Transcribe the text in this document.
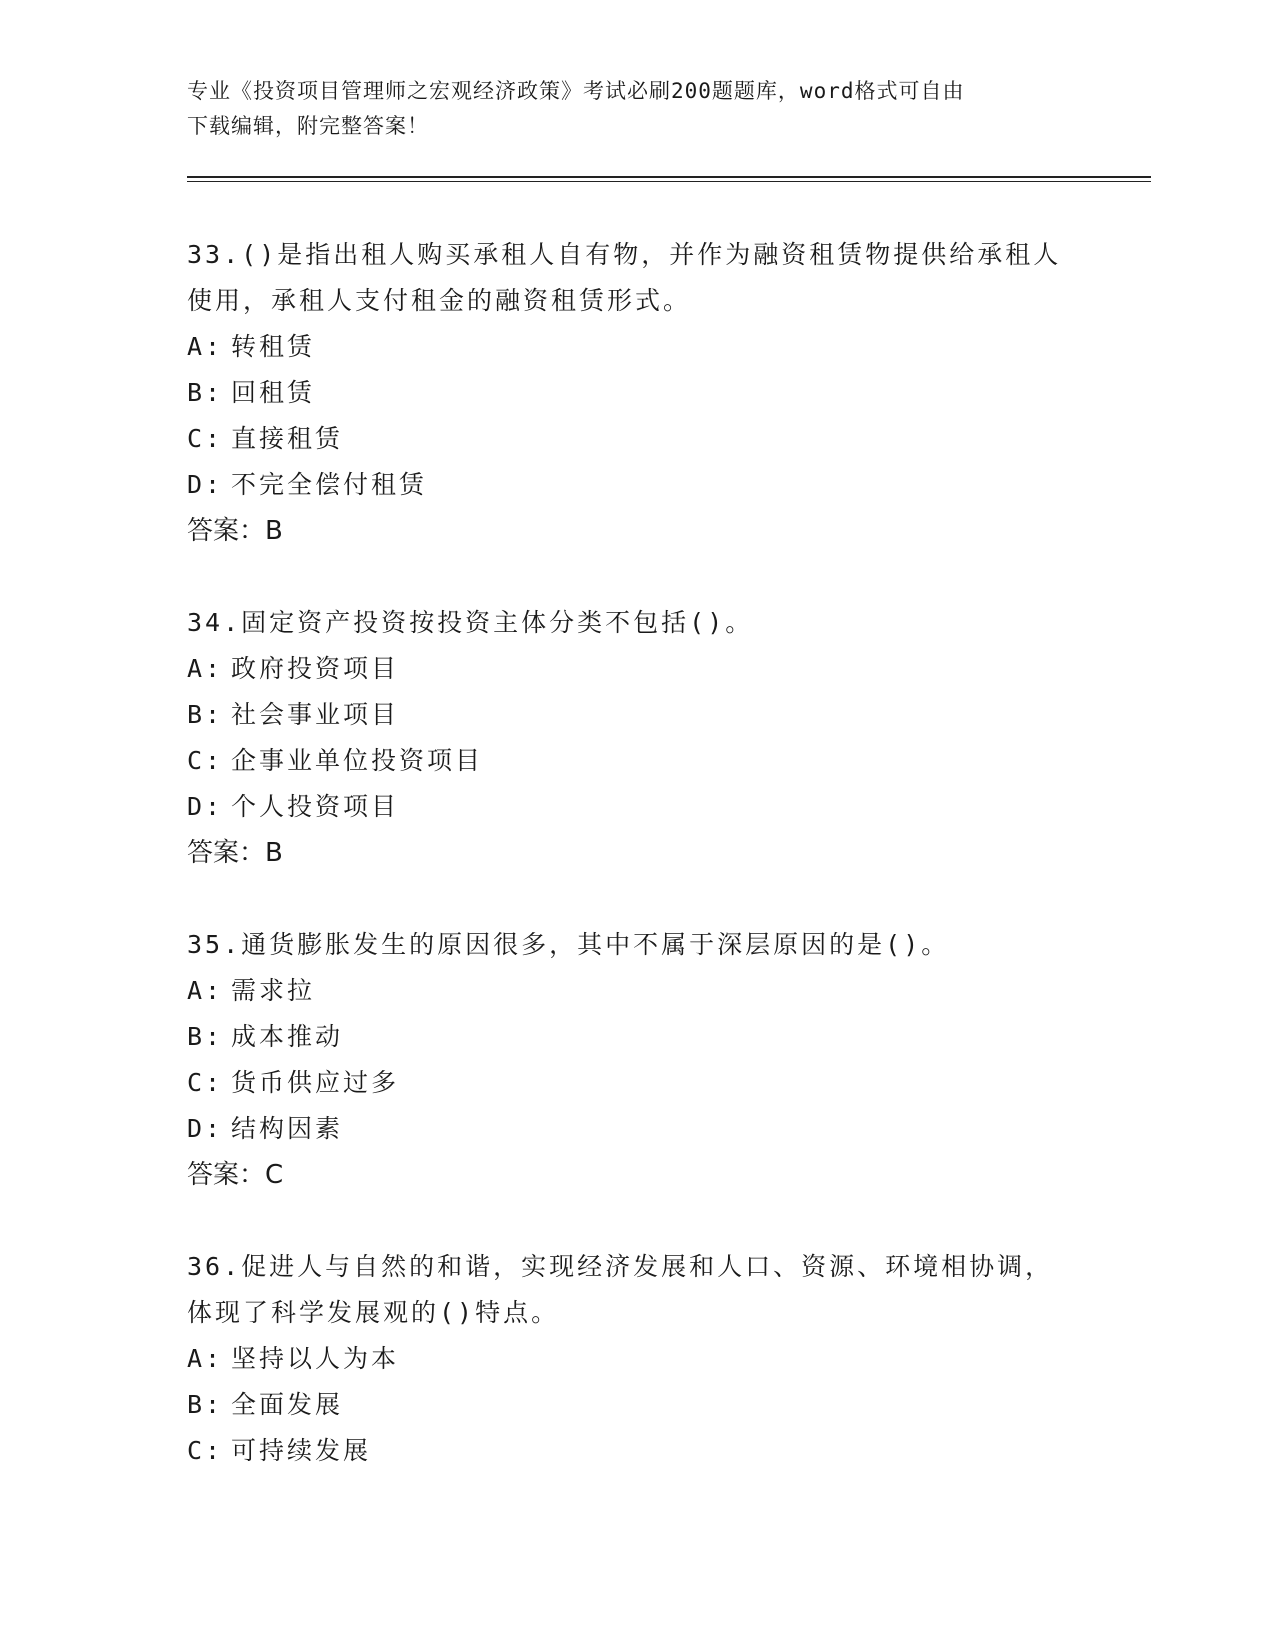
专业《投资项目管理师之宏观经济政策》考试必刷200题题库，word格式可自由
下载编辑，附完整答案！
33.()是指出租人购买承租人自有物，并作为融资租赁物提供给承租人
使用，承租人支付租金的融资租赁形式。
A: 转租赁
B: 回租赁
C: 直接租赁
D: 不完全偿付租赁
答案：B
34.固定资产投资按投资主体分类不包括()。
A: 政府投资项目
B: 社会事业项目
C: 企事业单位投资项目
D: 个人投资项目
答案：B
35.通货膨胀发生的原因很多，其中不属于深层原因的是()。
A: 需求拉
B: 成本推动
C: 货币供应过多
D: 结构因素
答案：C
36.促进人与自然的和谐，实现经济发展和人口、资源、环境相协调，
体现了科学发展观的()特点。
A: 坚持以人为本
B: 全面发展
C: 可持续发展
